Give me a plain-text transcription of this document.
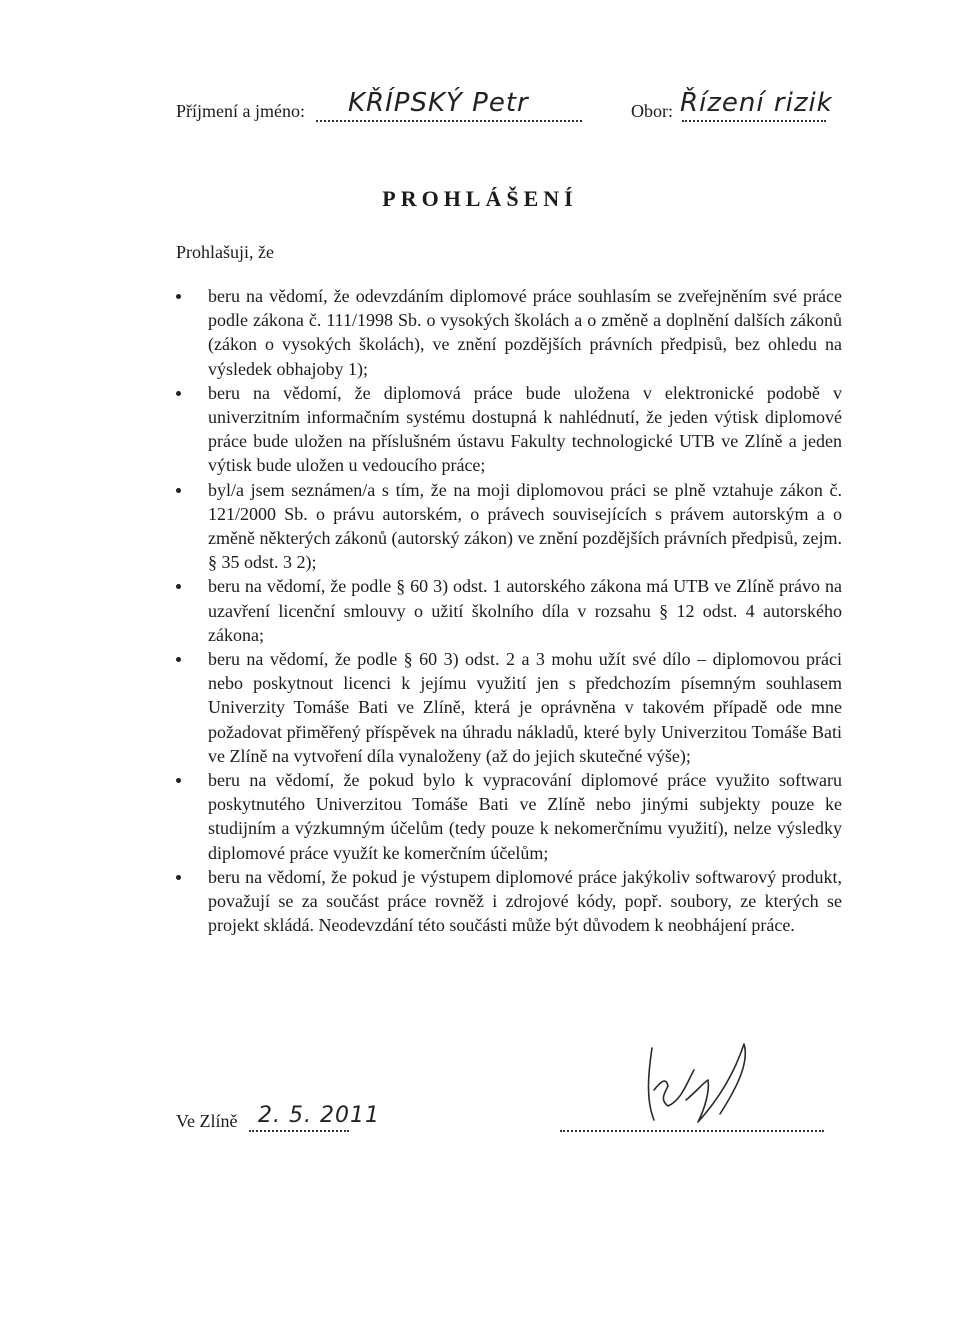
Příjmení a jméno: KŘÍPSKÝ Petr	Obor: Řízení rizik
PROHLÁŠENÍ
Prohlašuji, že
beru na vědomí, že odevzdáním diplomové práce souhlasím se zveřejněním své práce podle zákona č. 111/1998 Sb. o vysokých školách a o změně a doplnění dalších zákonů (zákon o vysokých školách), ve znění pozdějších právních předpisů, bez ohledu na výsledek obhajoby 1);
beru na vědomí, že diplomová práce bude uložena v elektronické podobě v univerzitním informačním systému dostupná k nahlédnutí, že jeden výtisk diplomové práce bude uložen na příslušném ústavu Fakulty technologické UTB ve Zlíně a jeden výtisk bude uložen u vedoucího práce;
byl/a jsem seznámen/a s tím, že na moji diplomovou práci se plně vztahuje zákon č. 121/2000 Sb. o právu autorském, o právech souvisejících s právem autorským a o změně některých zákonů (autorský zákon) ve znění pozdějších právních předpisů, zejm. § 35 odst. 3 2);
beru na vědomí, že podle § 60 3) odst. 1 autorského zákona má UTB ve Zlíně právo na uzavření licenční smlouvy o užití školního díla v rozsahu § 12 odst. 4 autorského zákona;
beru na vědomí, že podle § 60 3) odst. 2 a 3 mohu užít své dílo – diplomovou práci nebo poskytnout licenci k jejímu využití jen s předchozím písemným souhlasem Univerzity Tomáše Bati ve Zlíně, která je oprávněna v takovém případě ode mne požadovat přiměřený příspěvek na úhradu nákladů, které byly Univerzitou Tomáše Bati ve Zlíně na vytvoření díla vynaloženy (až do jejich skutečné výše);
beru na vědomí, že pokud bylo k vypracování diplomové práce využito softwaru poskytnutého Univerzitou Tomáše Bati ve Zlíně nebo jinými subjekty pouze ke studijním a výzkumným účelům (tedy pouze k nekomerčnímu využití), nelze výsledky diplomové práce využít ke komerčním účelům;
beru na vědomí, že pokud je výstupem diplomové práce jakýkoliv softwarový produkt, považují se za součást práce rovněž i zdrojové kódy, popř. soubory, ze kterých se projekt skládá. Neodevzdání této součásti může být důvodem k neobhájení práce.
Ve Zlíně 2. 5. 2011
